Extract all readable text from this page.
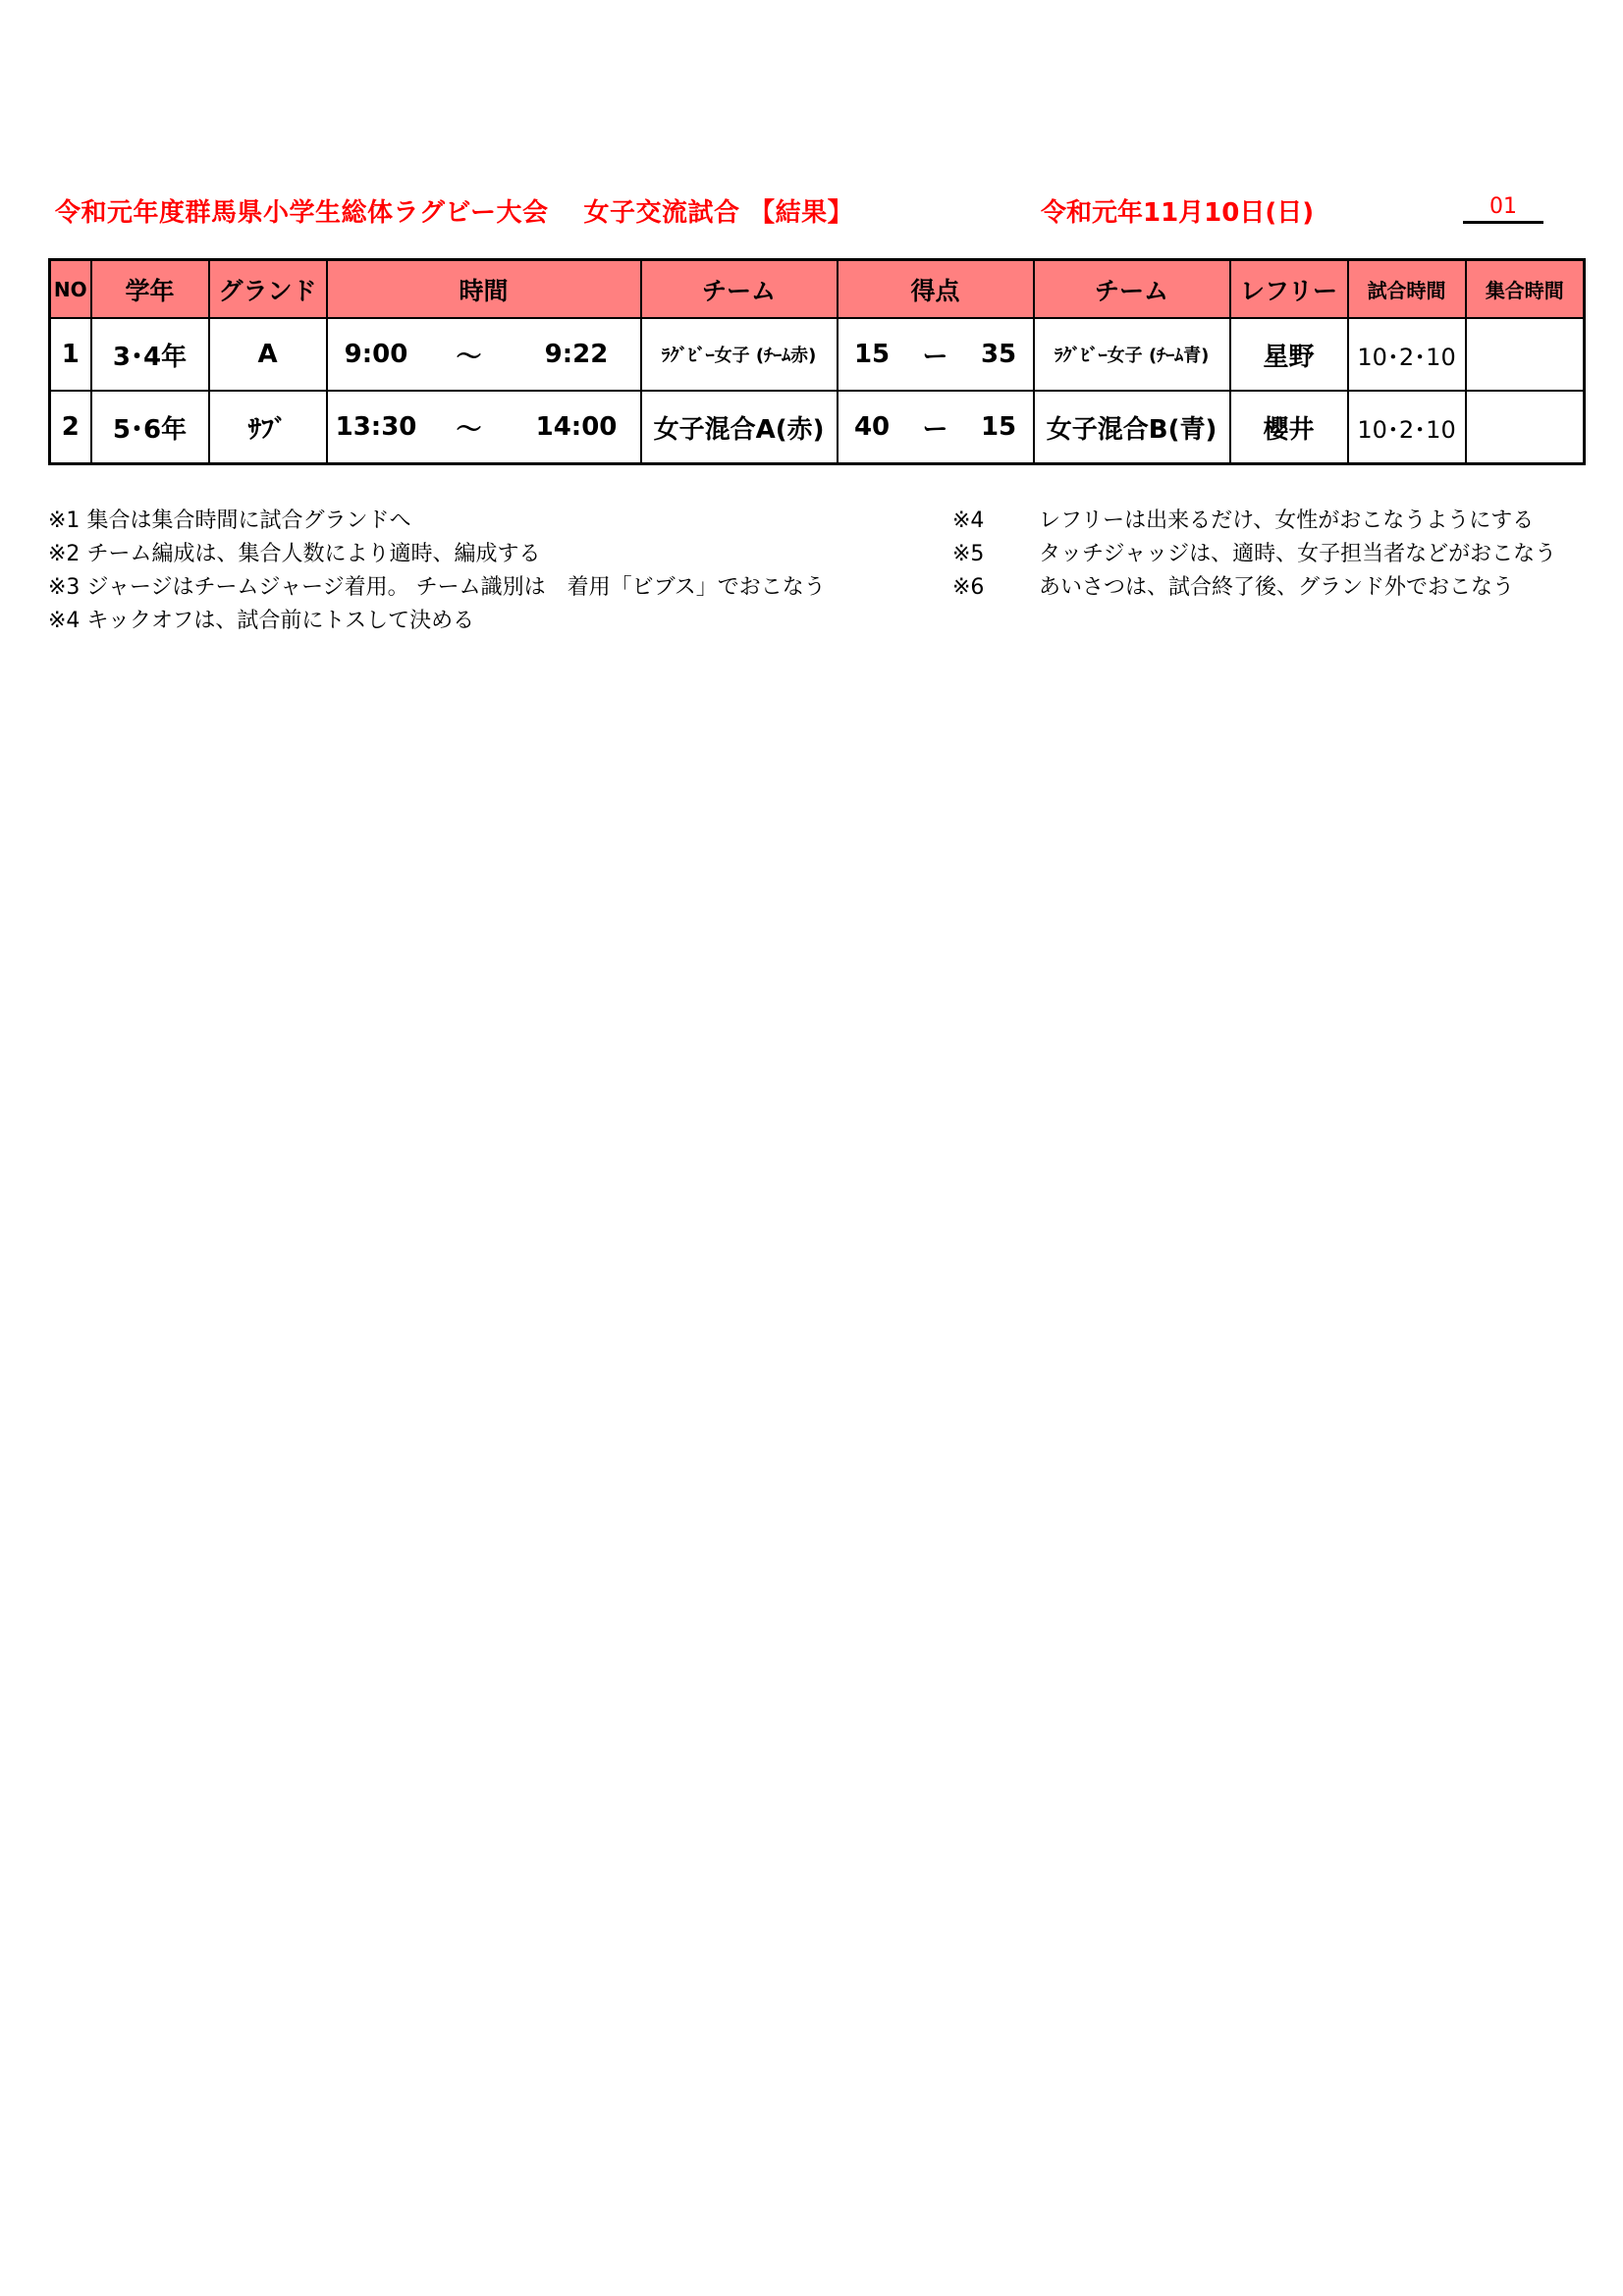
令和元年度群馬県小学生総体ラグビー大会　 女子交流試合 【結果】	令和元年11月10日(日)	01
NO	学年	グランド	時間			チーム	得点			チーム	レフリー	試合時間	集合時間
1	3･4年	A	9:00	～	9:22	ﾗｸﾞﾋﾞｰ女子 (ﾁｰﾑ赤)	15	ー	35	ﾗｸﾞﾋﾞｰ女子 (ﾁｰﾑ青)	星野	10･2･10	
2	5･6年	ｻﾌﾞ	13:30	～	14:00	女子混合A(赤)	40	ー	15	女子混合B(青)	櫻井	10･2･10	
※1 集合は集合時間に試合グランドへ
※2 チーム編成は、集合人数により適時、編成する
※3 ジャージはチームジャージ着用。 チーム識別は　着用「ビブス」でおこなう
※4 キックオフは、試合前にトスして決める
※4	レフリーは出来るだけ、女性がおこなうようにする
※5	タッチジャッジは、適時、女子担当者などがおこなう
※6	あいさつは、試合終了後、グランド外でおこなう
